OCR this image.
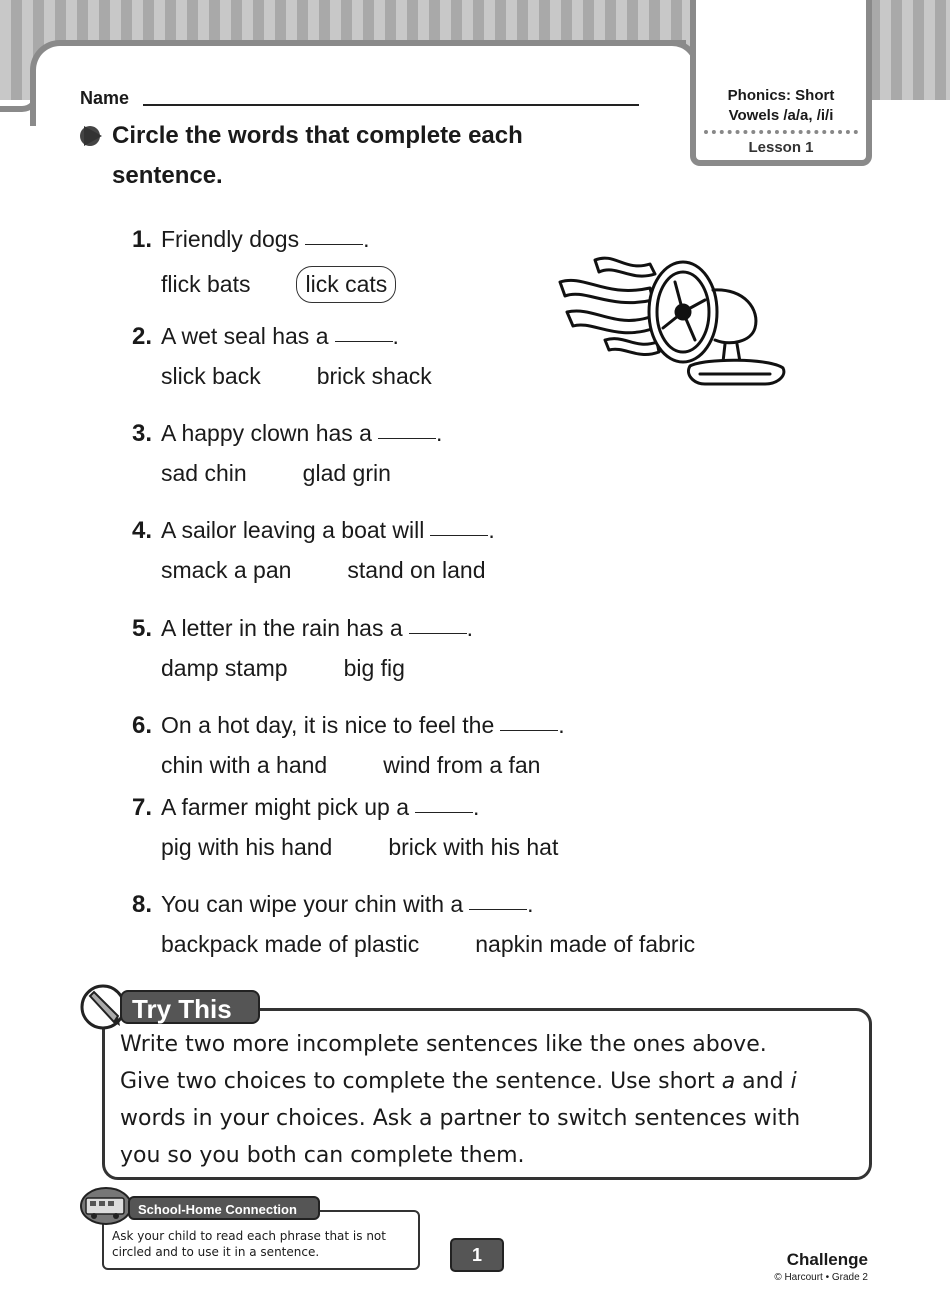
Phonics: Short
Vowels /a/a, /i/i
Lesson 1
Name
Circle the words that complete each sentence.
1. Friendly dogs	.
flick bats lick cats
2. A wet seal has a	.
slick back brick shack
3. A happy clown has a	.
sad chin glad grin
4. A sailor leaving a boat will	.
smack a pan stand on land
5. A letter in the rain has a	.
damp stamp big fig
6. On a hot day, it is nice to feel the	.
chin with a hand wind from a fan
7. A farmer might pick up a	.
pig with his hand brick with his hat
8. You can wipe your chin with a	.
backpack made of plastic napkin made of fabric
Try This
Write two more incomplete sentences like the ones above.
Give two choices to complete the sentence. Use short a and i
words in your choices. Ask a partner to switch sentences with
you so you both can complete them.
School-Home Connection
Ask your child to read each phrase that is not circled and to use it in a sentence.	1	Challenge
© Harcourt • Grade 2
